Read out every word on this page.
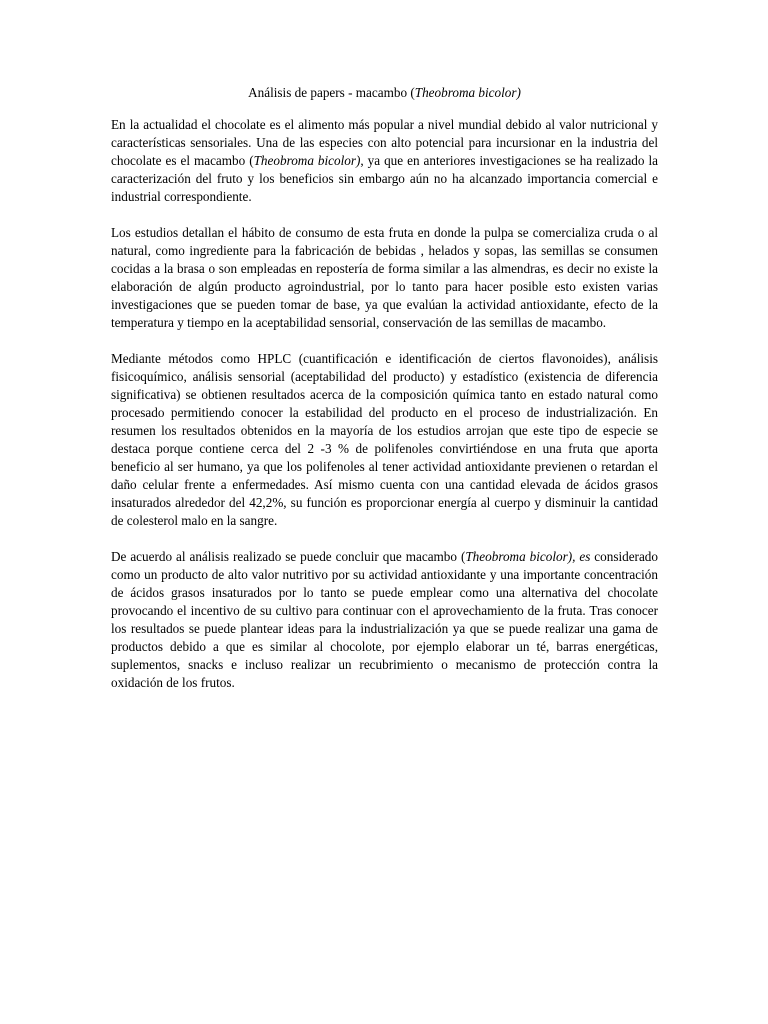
Análisis de papers - macambo (Theobroma bicolor)

En la actualidad el chocolate es el alimento más popular a nivel mundial debido al valor nutricional y características sensoriales. Una de las especies con alto potencial para incursionar en la industria del chocolate es el macambo (Theobroma bicolor), ya que en anteriores investigaciones se ha realizado la caracterización del fruto y los beneficios sin embargo aún no ha alcanzado importancia comercial e industrial correspondiente.

Los estudios detallan el hábito de consumo de esta fruta en donde la pulpa se comercializa cruda o al natural, como ingrediente para la fabricación de bebidas , helados y sopas, las semillas se consumen cocidas a la brasa o son empleadas en repostería de forma similar a las almendras, es decir no existe la elaboración de algún producto agroindustrial, por lo tanto para hacer posible esto existen varias investigaciones que se pueden tomar de base, ya que evalúan la actividad antioxidante, efecto de la temperatura y tiempo en la aceptabilidad sensorial, conservación de las semillas de macambo.

Mediante métodos como HPLC (cuantificación e identificación de ciertos flavonoides), análisis fisicoquímico, análisis sensorial (aceptabilidad del producto) y estadístico (existencia de diferencia significativa) se obtienen resultados acerca de la composición química tanto en estado natural como procesado permitiendo conocer la estabilidad del producto en el proceso de industrialización. En resumen los resultados obtenidos en la mayoría de los estudios arrojan que este tipo de especie se destaca porque contiene cerca del 2 -3 % de polifenoles convirtiéndose en una fruta que aporta beneficio al ser humano, ya que los polifenoles al tener actividad antioxidante previenen o retardan el daño celular frente a enfermedades. Así mismo cuenta con una cantidad elevada de ácidos grasos insaturados alrededor del 42,2%, su función es proporcionar energía al cuerpo y disminuir la cantidad de colesterol malo en la sangre.

De acuerdo al análisis realizado se puede concluir que macambo (Theobroma bicolor), es considerado como un producto de alto valor nutritivo por su actividad antioxidante y una importante concentración de ácidos grasos insaturados por lo tanto se puede emplear como una alternativa del chocolate provocando el incentivo de su cultivo para continuar con el aprovechamiento de la fruta. Tras conocer los resultados se puede plantear ideas para la industrialización ya que se puede realizar una gama de productos debido a que es similar al chocolote, por ejemplo elaborar un té, barras energéticas, suplementos, snacks e incluso realizar un recubrimiento o mecanismo de protección contra la oxidación de los frutos.
